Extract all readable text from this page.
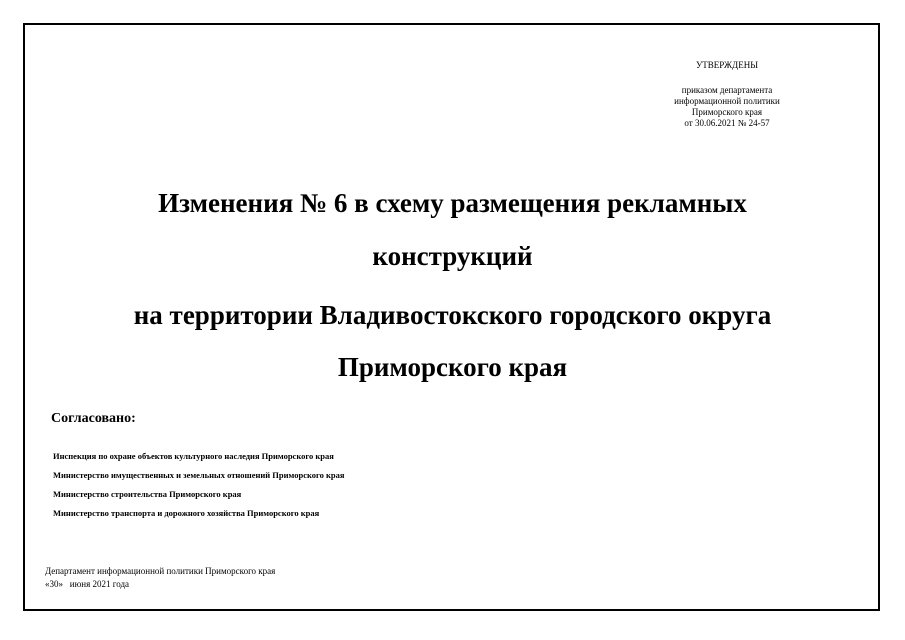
УТВЕРЖДЕНЫ
приказом департамента
информационной политики
Приморского края
от 30.06.2021 № 24-57
Изменения № 6 в схему размещения рекламных
конструкций
на территории Владивостокского городского округа
Приморского края
Согласовано:
Инспекция по охране объектов культурного наследия Приморского края
Министерство имущественных и земельных отношений Приморского края
Министерство строительства Приморского края
Министерство транспорта и дорожного хозяйства Приморского края
Департамент информационной политики Приморского края
«30»   июня 2021 года
